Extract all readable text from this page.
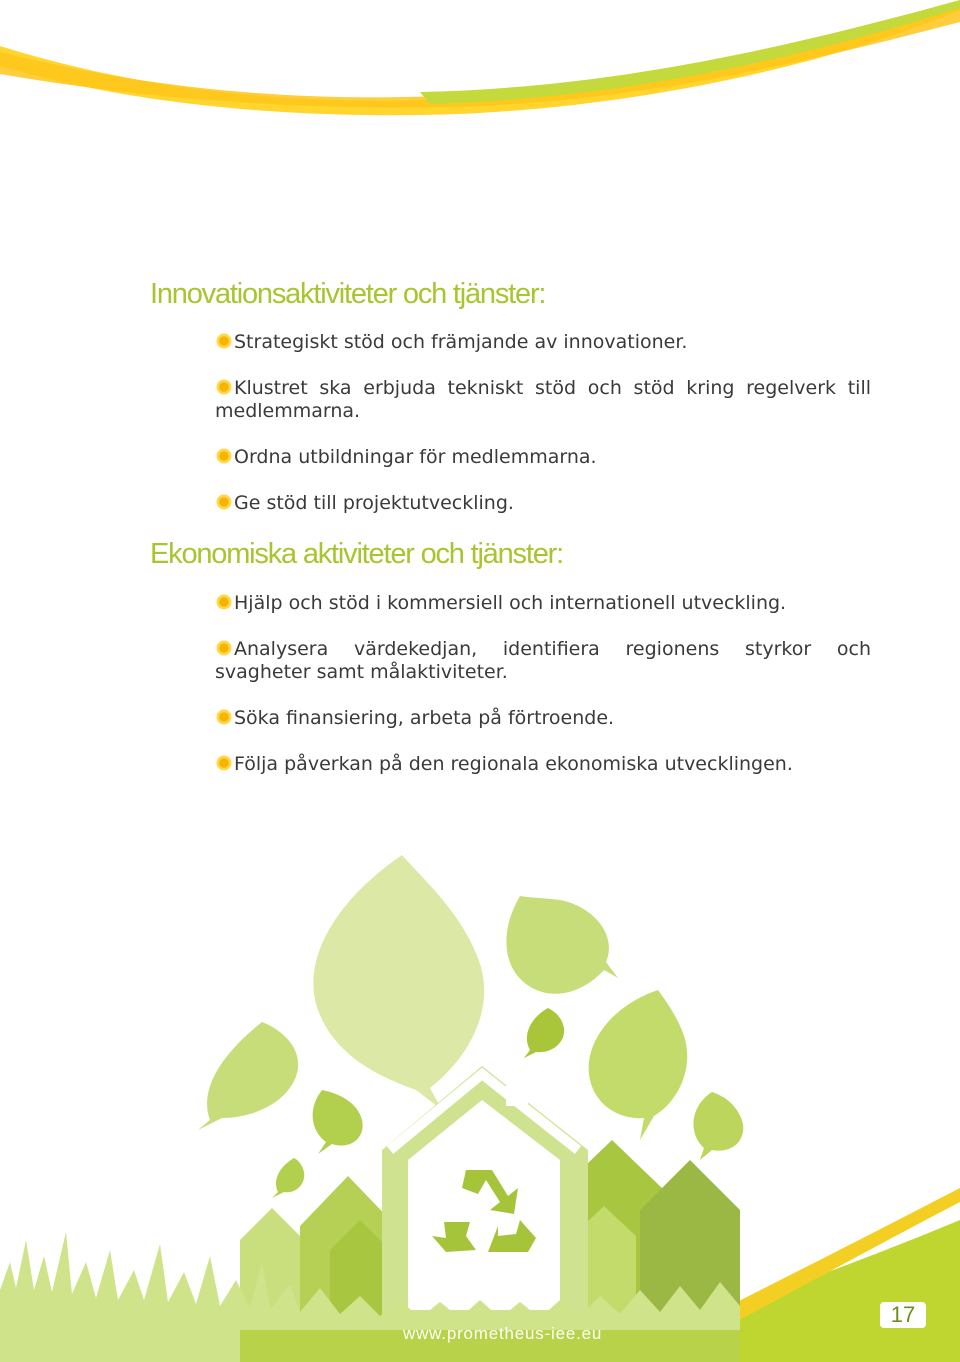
Innovationsaktiviteter och tjänster:
Strategiskt stöd och främjande av innovationer.
Klustret ska erbjuda tekniskt stöd och stöd kring regelverk till medlemmarna.
Ordna utbildningar för medlemmarna.
Ge stöd till projektutveckling.
Ekonomiska aktiviteter och tjänster:
Hjälp och stöd i kommersiell och internationell utveckling.
Analysera värdekedjan, identifiera regionens styrkor och svagheter samt målaktiviteter.
Söka finansiering, arbeta på förtroende.
Följa påverkan på den regionala ekonomiska utvecklingen.

www.prometheus-iee.eu

17
